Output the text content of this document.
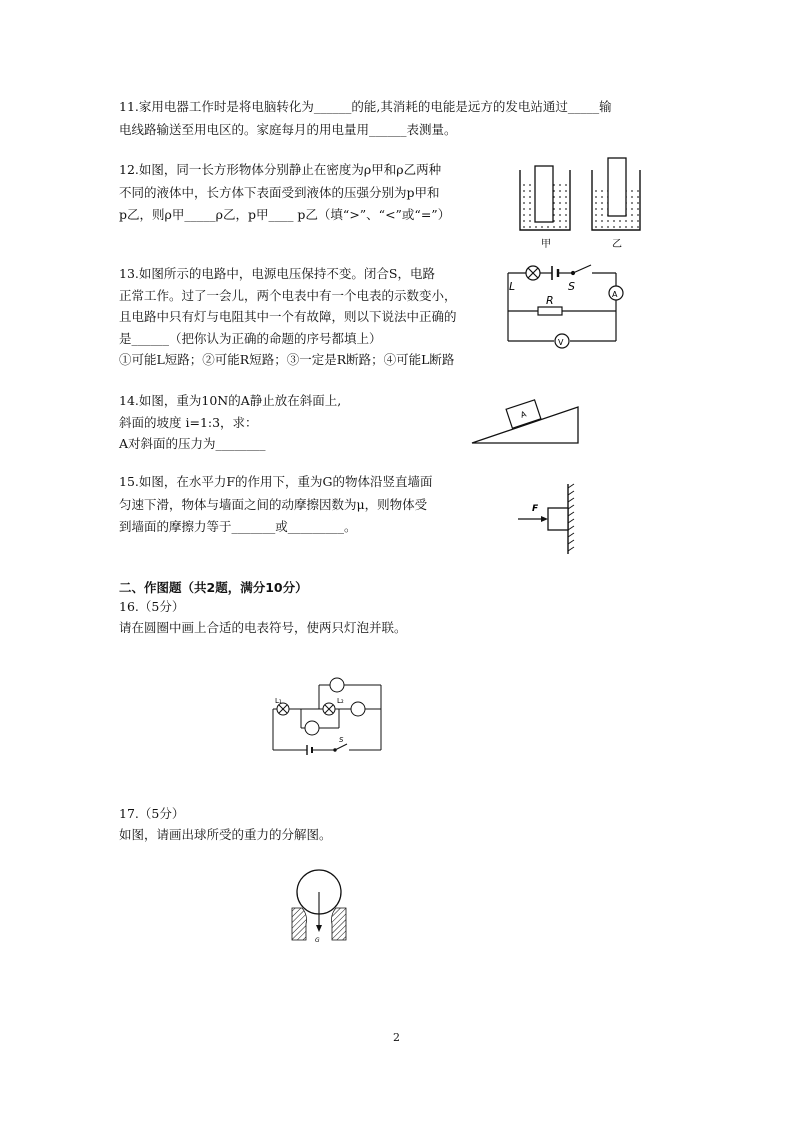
11.家用电器工作时是将电脑转化为______的能,其消耗的电能是远方的发电站通过_____输
电线路输送至用电区的。家庭每月的用电量用______表测量。
12.如图，同一长方形物体分别静止在密度为ρ甲和ρ乙两种
不同的液体中，长方体下表面受到液体的压强分别为p甲和
p乙，则ρ甲_____ρ乙，p甲____ p乙（填“>”、“<”或“=”）
甲	乙
13.如图所示的电路中，电源电压保持不变。闭合S，电路
正常工作。过了一会儿，两个电表中有一个电表的示数变小，
且电路中只有灯与电阻其中一个有故障，则以下说法中正确的
是______（把你认为正确的命题的序号都填上）
①可能L短路；②可能R短路；③一定是R断路；④可能L断路
L	S
A
R
V
14.如图，重为10N的A静止放在斜面上,
斜面的坡度 i=1:3，求：
A对斜面的压力为________
A
15.如图，在水平力F的作用下，重为G的物体沿竖直墙面
匀速下滑，物体与墙面之间的动摩擦因数为μ，则物体受
到墙面的摩擦力等于_______或_________。
F
二、作图题（共2题，满分10分）
16.（5分）
请在圆圈中画上合适的电表符号，使两只灯泡并联。
L₁	L₂
S
17.（5分）
如图，请画出球所受的重力的分解图。
G
2
